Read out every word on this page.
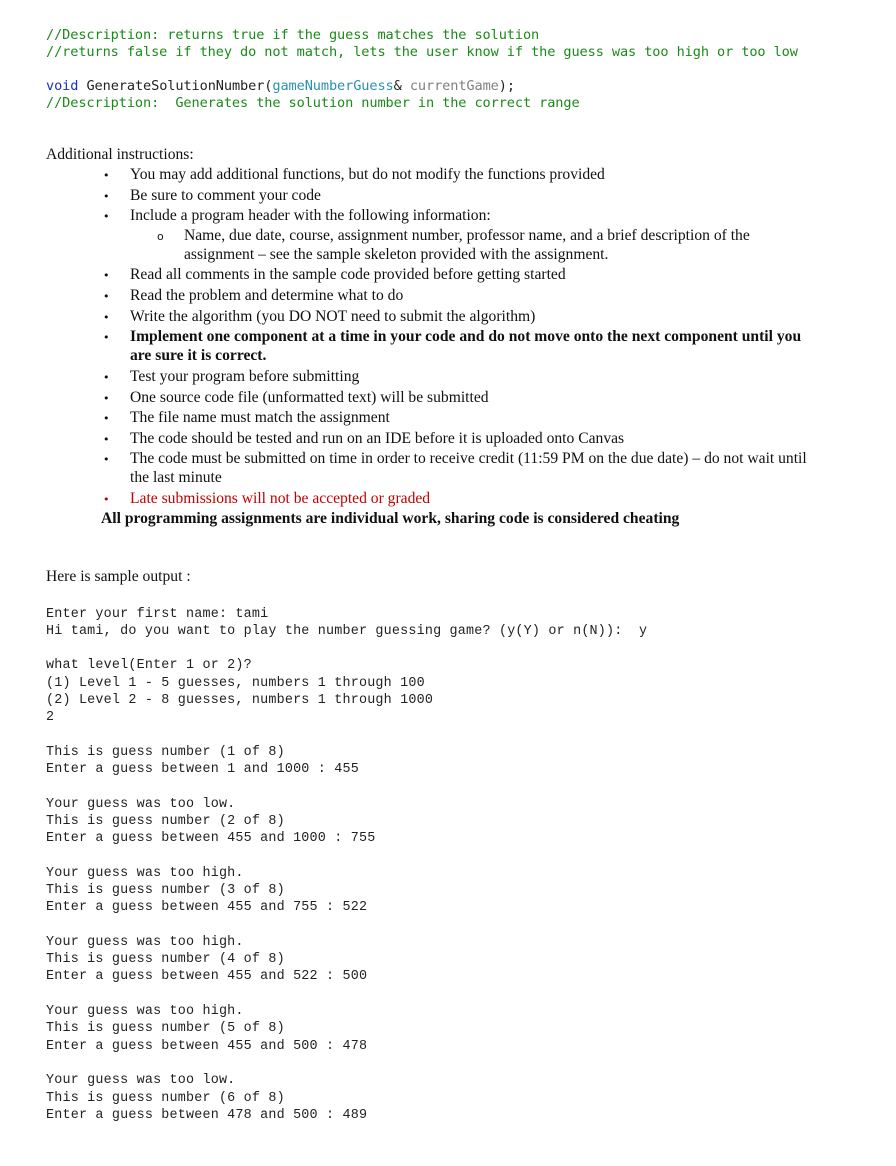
//Description: returns true if the guess matches the solution
//returns false if they do not match, lets the user know if the guess was too high or too low
void GenerateSolutionNumber(gameNumberGuess& currentGame);
//Description:  Generates the solution number in the correct range
Additional instructions:
• You may add additional functions, but do not modify the functions provided
• Be sure to comment your code
• Include a program header with the following information:
o Name, due date, course, assignment number, professor name, and a brief description of the
assignment – see the sample skeleton provided with the assignment.
• Read all comments in the sample code provided before getting started
• Read the problem and determine what to do
• Write the algorithm (you DO NOT need to submit the algorithm)
• Implement one component at a time in your code and do not move onto the next component until you
are sure it is correct.
• Test your program before submitting
• One source code file (unformatted text) will be submitted
• The file name must match the assignment
• The code should be tested and run on an IDE before it is uploaded onto Canvas
• The code must be submitted on time in order to receive credit (11:59 PM on the due date) – do not wait until
the last minute
• Late submissions will not be accepted or graded
All programming assignments are individual work, sharing code is considered cheating
Here is sample output :
Enter your first name: tami
Hi tami, do you want to play the number guessing game? (y(Y) or n(N)):  y
what level(Enter 1 or 2)?
(1) Level 1 - 5 guesses, numbers 1 through 100
(2) Level 2 - 8 guesses, numbers 1 through 1000
2
This is guess number (1 of 8)
Enter a guess between 1 and 1000 : 455
Your guess was too low.
This is guess number (2 of 8)
Enter a guess between 455 and 1000 : 755
Your guess was too high.
This is guess number (3 of 8)
Enter a guess between 455 and 755 : 522
Your guess was too high.
This is guess number (4 of 8)
Enter a guess between 455 and 522 : 500
Your guess was too high.
This is guess number (5 of 8)
Enter a guess between 455 and 500 : 478
Your guess was too low.
This is guess number (6 of 8)
Enter a guess between 478 and 500 : 489
